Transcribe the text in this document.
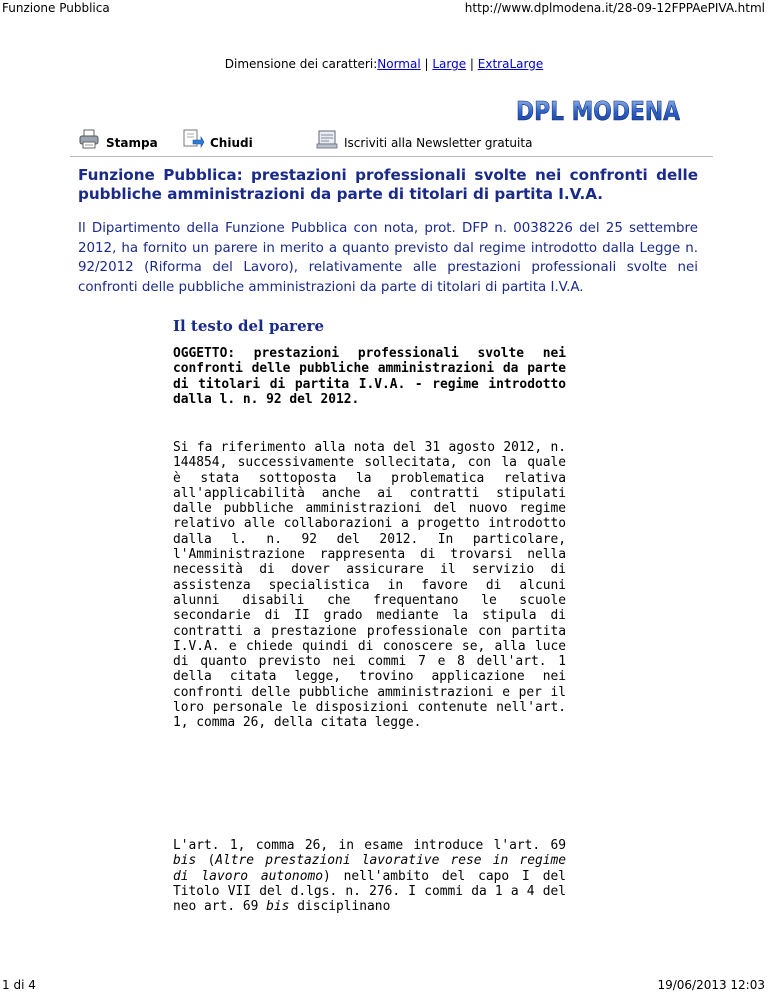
Funzione Pubblica	http://www.dplmodena.it/28-09-12FPPAePIVA.html
Dimensione dei caratteri:Normal | Large | ExtraLarge
DPL MODENA
Stampa	Chiudi	Iscriviti alla Newsletter gratuita
Funzione Pubblica: prestazioni professionali svolte nei confronti delle pubbliche amministrazioni da parte di titolari di partita I.V.A.
Il Dipartimento della Funzione Pubblica con nota, prot. DFP n. 0038226 del 25 settembre 2012, ha fornito un parere in merito a quanto previsto dal regime introdotto dalla Legge n. 92/2012 (Riforma del Lavoro), relativamente alle prestazioni professionali svolte nei confronti delle pubbliche amministrazioni da parte di titolari di partita I.V.A.
Il testo del parere
OGGETTO: prestazioni professionali svolte nei confronti delle pubbliche amministrazioni da parte di titolari di partita I.V.A. - regime introdotto dalla l. n. 92 del 2012.
Si fa riferimento alla nota del 31 agosto 2012, n. 144854, successivamente sollecitata, con la quale è stata sottoposta la problematica relativa all'applicabilità anche ai contratti stipulati dalle pubbliche amministrazioni del nuovo regime relativo alle collaborazioni a progetto introdotto dalla l. n. 92 del 2012. In particolare, l'Amministrazione rappresenta di trovarsi nella necessità di dover assicurare il servizio di assistenza specialistica in favore di alcuni alunni disabili che frequentano le scuole secondarie di II grado mediante la stipula di contratti a prestazione professionale con partita I.V.A. e chiede quindi di conoscere se, alla luce di quanto previsto nei commi 7 e 8 dell'art. 1 della citata legge, trovino applicazione nei confronti delle pubbliche amministrazioni e per il loro personale le disposizioni contenute nell'art. 1, comma 26, della citata legge.
L'art. 1, comma 26, in esame introduce l'art. 69 bis (Altre prestazioni lavorative rese in regime di lavoro autonomo) nell'ambito del capo I del Titolo VII del d.lgs. n. 276. I commi da 1 a 4 del neo art. 69 bis disciplinano
1 di 4	19/06/2013 12:03
